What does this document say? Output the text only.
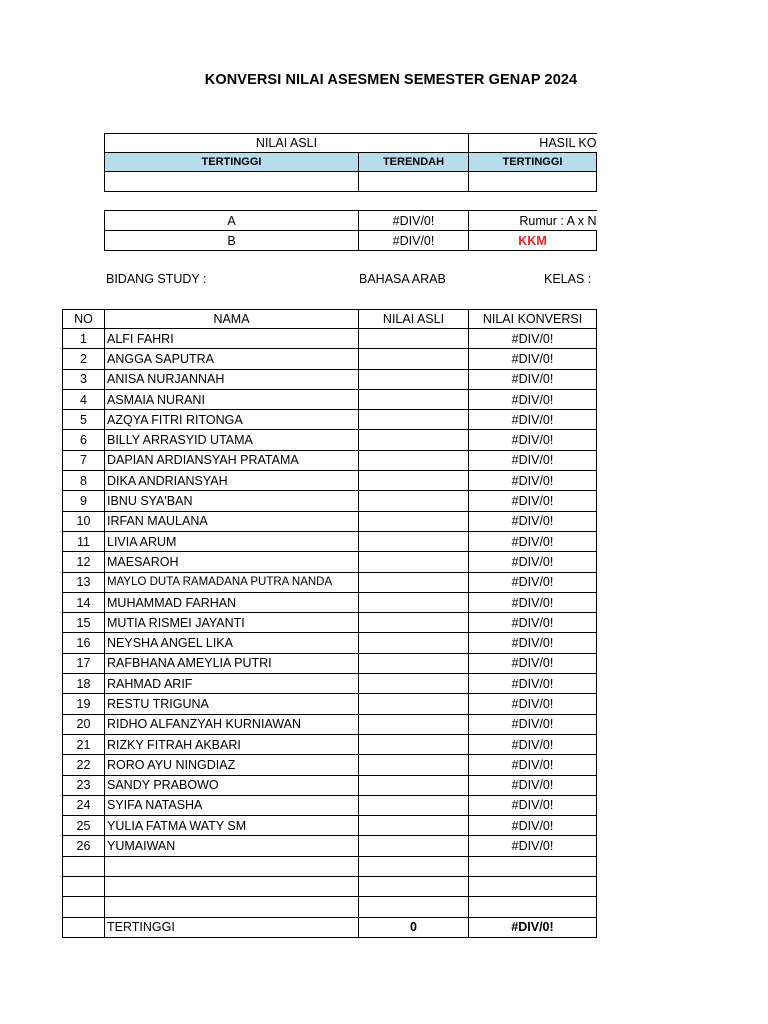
KONVERSI NILAI ASESMEN SEMESTER GENAP 2024
NILAI ASLI		HASIL KO
TERTINGGI	TERENDAH	TERTINGGI

A	#DIV/0!	Rumur : A x N
B	#DIV/0!	KKM
BIDANG STUDY :	BAHASA ARAB	KELAS :
NO	NAMA	NILAI ASLI	NILAI KONVERSI
1	ALFI FAHRI		#DIV/0!
2	ANGGA SAPUTRA		#DIV/0!
3	ANISA NURJANNAH		#DIV/0!
4	ASMAIA NURANI		#DIV/0!
5	AZQYA FITRI RITONGA		#DIV/0!
6	BILLY ARRASYID UTAMA		#DIV/0!
7	DAPIAN ARDIANSYAH PRATAMA		#DIV/0!
8	DIKA ANDRIANSYAH		#DIV/0!
9	IBNU SYA'BAN		#DIV/0!
10	IRFAN MAULANA		#DIV/0!
11	LIVIA ARUM		#DIV/0!
12	MAESAROH		#DIV/0!
13	MAYLO DUTA RAMADANA PUTRA NANDA		#DIV/0!
14	MUHAMMAD FARHAN		#DIV/0!
15	MUTIA RISMEI JAYANTI		#DIV/0!
16	NEYSHA ANGEL LIKA		#DIV/0!
17	RAFBHANA AMEYLIA PUTRI		#DIV/0!
18	RAHMAD ARIF		#DIV/0!
19	RESTU TRIGUNA		#DIV/0!
20	RIDHO ALFANZYAH KURNIAWAN		#DIV/0!
21	RIZKY FITRAH AKBARI		#DIV/0!
22	RORO AYU NINGDIAZ		#DIV/0!
23	SANDY PRABOWO		#DIV/0!
24	SYIFA NATASHA		#DIV/0!
25	YULIA FATMA WATY SM		#DIV/0!
26	YUMAIWAN		#DIV/0!

	TERTINGGI	0	#DIV/0!
